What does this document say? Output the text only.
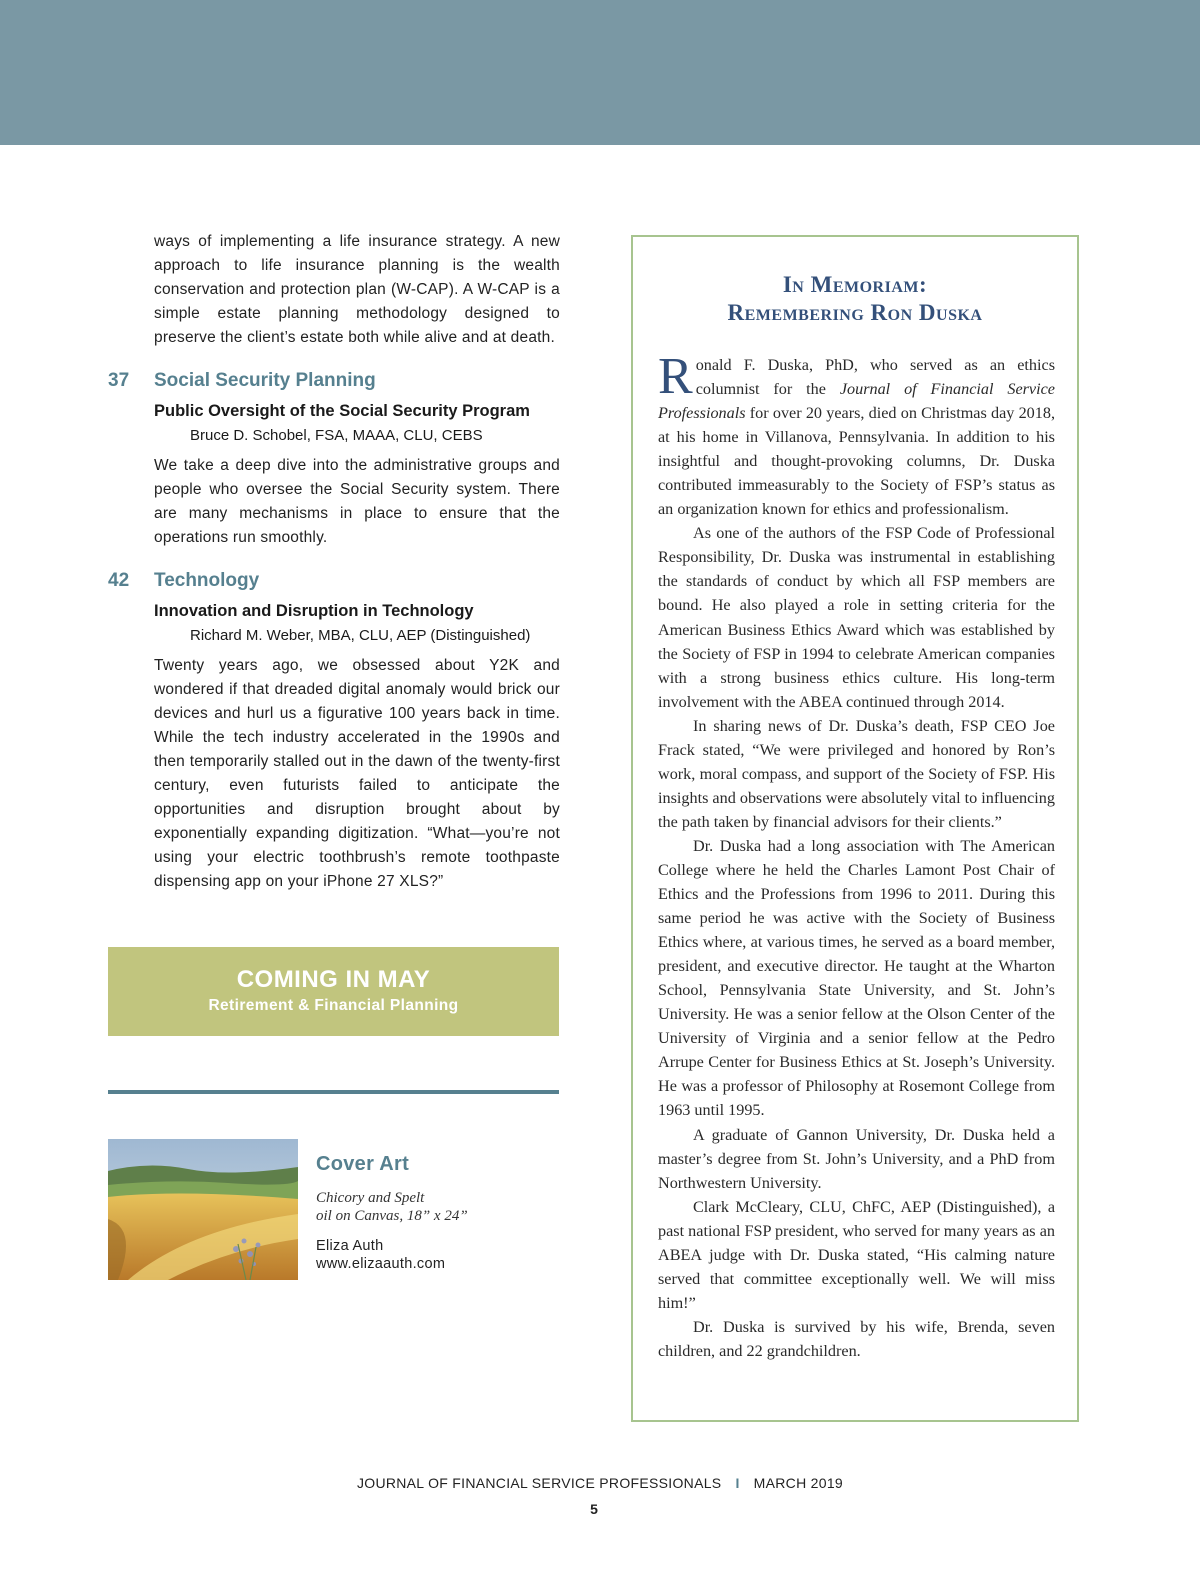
ways of implementing a life insurance strategy. A new approach to life insurance planning is the wealth conservation and protection plan (W-CAP). A W-CAP is a simple estate planning methodology designed to preserve the client’s estate both while alive and at death.

37	Social Security Planning
Public Oversight of the Social Security Program
Bruce D. Schobel, FSA, MAAA, CLU, CEBS

We take a deep dive into the administrative groups and people who oversee the Social Security system. There are many mechanisms in place to ensure that the operations run smoothly.

42	Technology
Innovation and Disruption in Technology
Richard M. Weber, MBA, CLU, AEP (Distinguished)

Twenty years ago, we obsessed about Y2K and wondered if that dreaded digital anomaly would brick our devices and hurl us a figurative 100 years back in time. While the tech industry accelerated in the 1990s and then temporarily stalled out in the dawn of the twenty-first century, even futurists failed to anticipate the opportunities and disruption brought about by exponentially expanding digitization. “What—you’re not using your electric toothbrush’s remote toothpaste dispensing app on your iPhone 27 XLS?”

COMING IN MAY
Retirement & Financial Planning
Cover Art
Chicory and Spelt
oil on Canvas, 18” x 24”
Eliza Auth
www.elizaauth.com
In Memoriam:
Remembering Ron Duska

Ronald F. Duska, PhD, who served as an ethics columnist for the Journal of Financial Service Professionals for over 20 years, died on Christmas day 2018, at his home in Villanova, Pennsylvania. In addition to his insightful and thought-provoking columns, Dr. Duska contributed immeasurably to the Society of FSP’s status as an organization known for ethics and professionalism.

As one of the authors of the FSP Code of Professional Responsibility, Dr. Duska was instrumental in establishing the standards of conduct by which all FSP members are bound. He also played a role in setting criteria for the American Business Ethics Award which was established by the Society of FSP in 1994 to celebrate American companies with a strong business ethics culture. His long-term involvement with the ABEA continued through 2014.

In sharing news of Dr. Duska’s death, FSP CEO Joe Frack stated, “We were privileged and honored by Ron’s work, moral compass, and support of the Society of FSP. His insights and observations were absolutely vital to influencing the path taken by financial advisors for their clients.”

Dr. Duska had a long association with The American College where he held the Charles Lamont Post Chair of Ethics and the Professions from 1996 to 2011. During this same period he was active with the Society of Business Ethics where, at various times, he served as a board member, president, and executive director. He taught at the Wharton School, Pennsylvania State University, and St. John’s University. He was a senior fellow at the Olson Center of the University of Virginia and a senior fellow at the Pedro Arrupe Center for Business Ethics at St. Joseph’s University. He was a professor of Philosophy at Rosemont College from 1963 until 1995.

A graduate of Gannon University, Dr. Duska held a master’s degree from St. John’s University, and a PhD from Northwestern University.

Clark McCleary, CLU, ChFC, AEP (Distinguished), a past national FSP president, who served for many years as an ABEA judge with Dr. Duska stated, “His calming nature served that committee exceptionally well. We will miss him!”

Dr. Duska is survived by his wife, Brenda, seven children, and 22 grandchildren.

JOURNAL OF FINANCIAL SERVICE PROFESSIONALS I MARCH 2019
5
